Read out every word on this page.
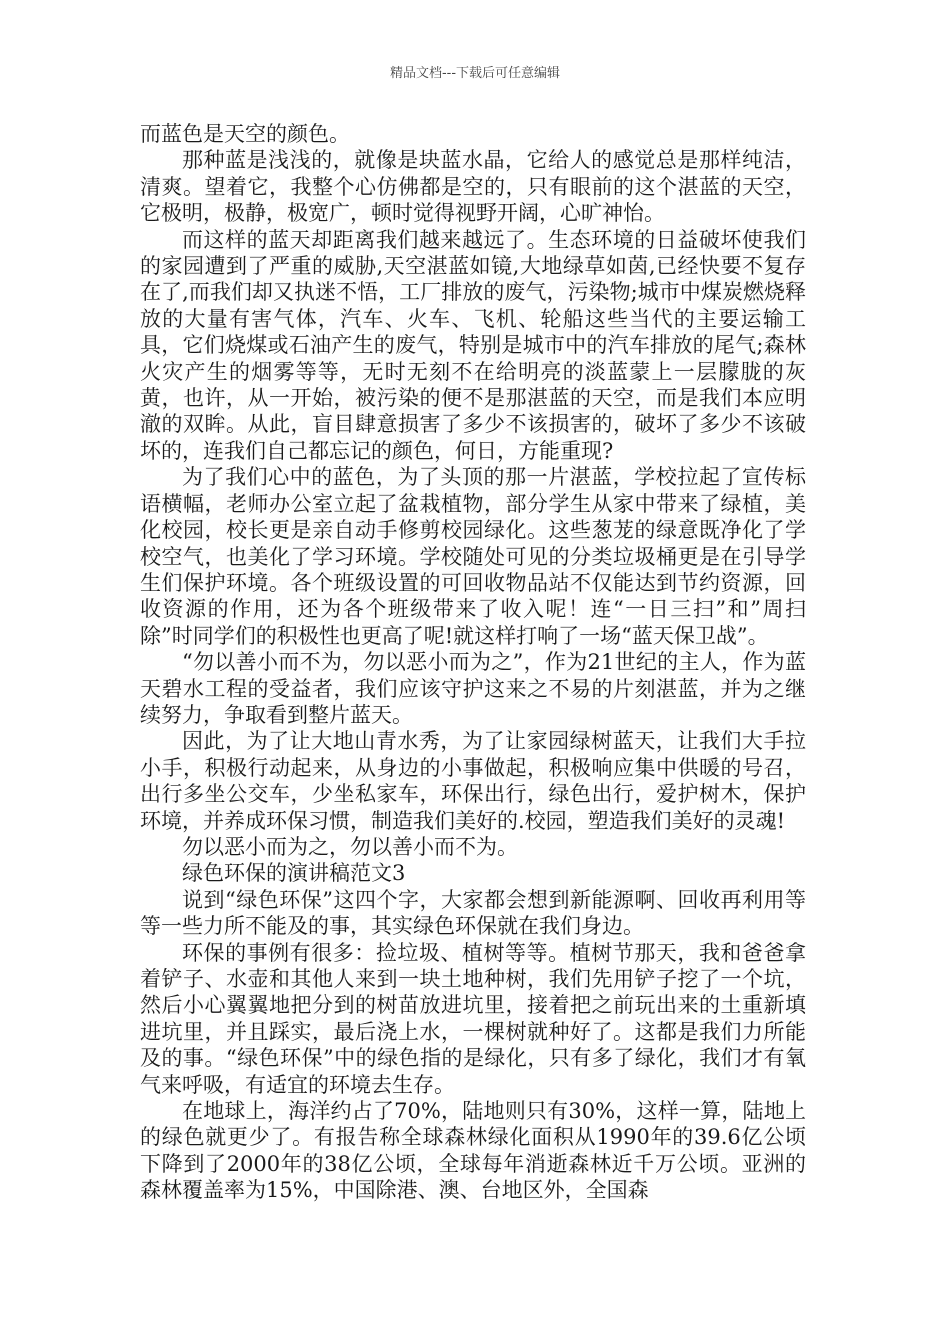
精品文档---下载后可任意编辑

而蓝色是天空的颜色。

那种蓝是浅浅的，就像是块蓝水晶，它给人的感觉总是那样纯洁，清爽。望着它，我整个心仿佛都是空的，只有眼前的这个湛蓝的天空，它极明，极静，极宽广，顿时觉得视野开阔，心旷神怡。

而这样的蓝天却距离我们越来越远了。生态环境的日益破坏使我们的家园遭到了严重的威胁,天空湛蓝如镜,大地绿草如茵,已经快要不复存在了,而我们却又执迷不悟，工厂排放的废气，污染物;城市中煤炭燃烧释放的大量有害气体，汽车、火车、飞机、轮船这些当代的主要运输工具，它们烧煤或石油产生的废气，特别是城市中的汽车排放的尾气;森林火灾产生的烟雾等等，无时无刻不在给明亮的淡蓝蒙上一层朦胧的灰黄，也许，从一开始，被污染的便不是那湛蓝的天空，而是我们本应明澈的双眸。从此，盲目肆意损害了多少不该损害的，破坏了多少不该破坏的，连我们自己都忘记的颜色，何日，方能重现?

为了我们心中的蓝色，为了头顶的那一片湛蓝，学校拉起了宣传标语横幅，老师办公室立起了盆栽植物，部分学生从家中带来了绿植，美化校园，校长更是亲自动手修剪校园绿化。这些葱茏的绿意既净化了学校空气，也美化了学习环境。学校随处可见的分类垃圾桶更是在引导学生们保护环境。各个班级设置的可回收物品站不仅能达到节约资源，回收资源的作用，还为各个班级带来了收入呢！连“一日三扫”和”周扫除”时同学们的积极性也更高了呢!就这样打响了一场“蓝天保卫战”。

“勿以善小而不为，勿以恶小而为之”，作为21世纪的主人，作为蓝天碧水工程的受益者，我们应该守护这来之不易的片刻湛蓝，并为之继续努力，争取看到整片蓝天。

因此，为了让大地山青水秀，为了让家园绿树蓝天，让我们大手拉小手，积极行动起来，从身边的小事做起，积极响应集中供暖的号召，出行多坐公交车，少坐私家车，环保出行，绿色出行，爱护树木，保护环境，并养成环保习惯，制造我们美好的.校园，塑造我们美好的灵魂!

勿以恶小而为之，勿以善小而不为。

绿色环保的演讲稿范文3

说到“绿色环保”这四个字，大家都会想到新能源啊、回收再利用等等一些力所不能及的事，其实绿色环保就在我们身边。

环保的事例有很多：捡垃圾、植树等等。植树节那天，我和爸爸拿着铲子、水壶和其他人来到一块土地种树，我们先用铲子挖了一个坑，然后小心翼翼地把分到的树苗放进坑里，接着把之前玩出来的土重新填进坑里，并且踩实，最后浇上水，一棵树就种好了。这都是我们力所能及的事。“绿色环保”中的绿色指的是绿化，只有多了绿化，我们才有氧气来呼吸，有适宜的环境去生存。

在地球上，海洋约占了70%，陆地则只有30%，这样一算，陆地上的绿色就更少了。有报告称全球森林绿化面积从1990年的39.6亿公顷下降到了2000年的38亿公顷，全球每年消逝森林近千万公顷。亚洲的森林覆盖率为15%，中国除港、澳、台地区外，全国森
